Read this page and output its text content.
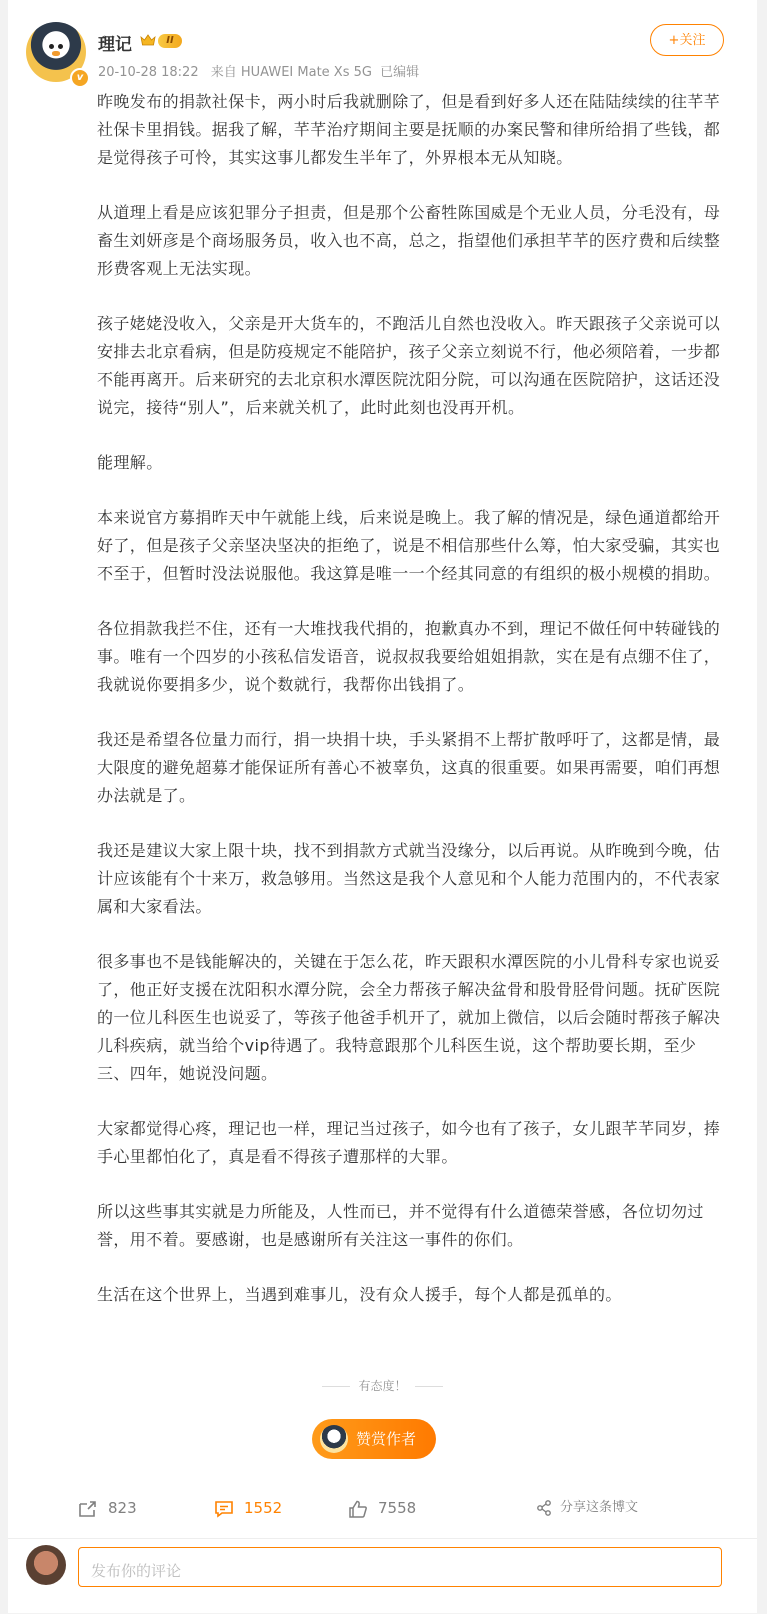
v
理记	II
20-10-28 18:22 来自 HUAWEI Mate Xs 5G 已编辑
+关注

昨晚发布的捐款社保卡，两小时后我就删除了，但是看到好多人还在陆陆续续的往芊芊社保卡里捐钱。据我了解，芊芊治疗期间主要是抚顺的办案民警和律所给捐了些钱，都是觉得孩子可怜，其实这事儿都发生半年了，外界根本无从知晓。

从道理上看是应该犯罪分子担责，但是那个公畜牲陈国威是个无业人员，分毛没有，母畜生刘妍彦是个商场服务员，收入也不高，总之，指望他们承担芊芊的医疗费和后续整形费客观上无法实现。

孩子姥姥没收入，父亲是开大货车的，不跑活儿自然也没收入。昨天跟孩子父亲说可以安排去北京看病，但是防疫规定不能陪护，孩子父亲立刻说不行，他必须陪着，一步都不能再离开。后来研究的去北京积水潭医院沈阳分院，可以沟通在医院陪护，这话还没说完，接待“别人”，后来就关机了，此时此刻也没再开机。

能理解。

本来说官方募捐昨天中午就能上线，后来说是晚上。我了解的情况是，绿色通道都给开好了，但是孩子父亲坚决坚决的拒绝了，说是不相信那些什么筹，怕大家受骗，其实也不至于，但暂时没法说服他。我这算是唯一一个经其同意的有组织的极小规模的捐助。

各位捐款我拦不住，还有一大堆找我代捐的，抱歉真办不到，理记不做任何中转碰钱的事。唯有一个四岁的小孩私信发语音，说叔叔我要给姐姐捐款，实在是有点绷不住了，我就说你要捐多少，说个数就行，我帮你出钱捐了。

我还是希望各位量力而行，捐一块捐十块，手头紧捐不上帮扩散呼吁了，这都是情，最大限度的避免超募才能保证所有善心不被辜负，这真的很重要。如果再需要，咱们再想办法就是了。

我还是建议大家上限十块，找不到捐款方式就当没缘分，以后再说。从昨晚到今晚，估计应该能有个十来万，救急够用。当然这是我个人意见和个人能力范围内的，不代表家属和大家看法。

很多事也不是钱能解决的，关键在于怎么花，昨天跟积水潭医院的小儿骨科专家也说妥了，他正好支援在沈阳积水潭分院，会全力帮孩子解决盆骨和股骨胫骨问题。抚矿医院的一位儿科医生也说妥了，等孩子他爸手机开了，就加上微信，以后会随时帮孩子解决儿科疾病，就当给个vip待遇了。我特意跟那个儿科医生说，这个帮助要长期，至少三、四年，她说没问题。

大家都觉得心疼，理记也一样，理记当过孩子，如今也有了孩子，女儿跟芊芊同岁，捧手心里都怕化了，真是看不得孩子遭那样的大罪。

所以这些事其实就是力所能及，人性而已，并不觉得有什么道德荣誉感，各位切勿过誉，用不着。要感谢，也是感谢所有关注这一事件的你们。

生活在这个世界上，当遇到难事儿，没有众人援手，每个人都是孤单的。

有态度！
赞赏作者
823	1552	7558	分享这条博文
发布你的评论
